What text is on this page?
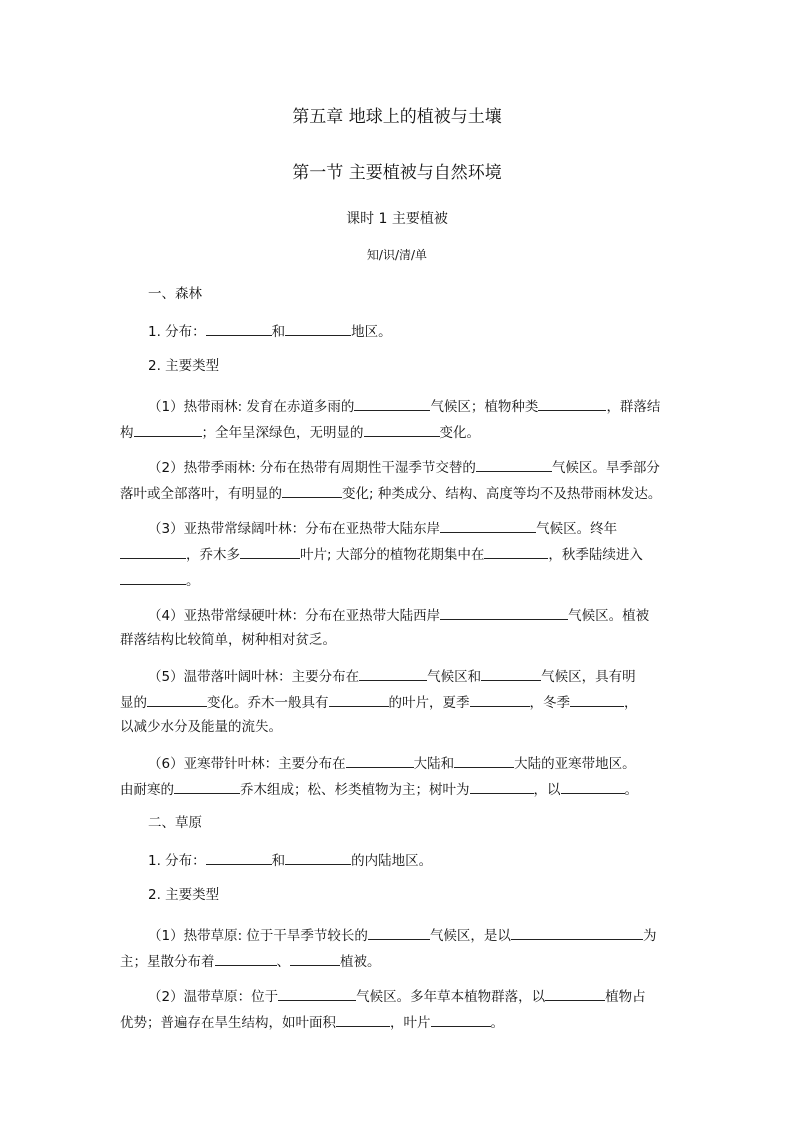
第五章 地球上的植被与土壤
第一节 主要植被与自然环境
课时 1 主要植被
知/识/清/单
一、森林
1. 分布：	和	地区。
2. 主要类型
（1）热带雨林: 发育在赤道多雨的	气候区；植物种类	，群落结
构	；全年呈深绿色，无明显的	变化。
（2）热带季雨林: 分布在热带有周期性干湿季节交替的	气候区。旱季部分
落叶或全部落叶，有明显的	变化; 种类成分、结构、高度等均不及热带雨林发达。
（3）亚热带常绿阔叶林：分布在亚热带大陆东岸	气候区。终年
，乔木多	叶片; 大部分的植物花期集中在	，秋季陆续进入
。
（4）亚热带常绿硬叶林：分布在亚热带大陆西岸	气候区。植被
群落结构比较简单，树种相对贫乏。
（5）温带落叶阔叶林：主要分布在	气候区和	气候区，具有明
显的	变化。乔木一般具有	的叶片，夏季	，冬季	，
以减少水分及能量的流失。
（6）亚寒带针叶林：主要分布在	大陆和	大陆的亚寒带地区。
由耐寒的	乔木组成；松、杉类植物为主；树叶为	，以	。
二、草原
1. 分布：	和	的内陆地区。
2. 主要类型
（1）热带草原: 位于干旱季节较长的	气候区，是以	为
主；星散分布着	、	植被。
（2）温带草原：位于	气候区。多年草本植物群落，以	植物占
优势；普遍存在旱生结构，如叶面积	，叶片	。
